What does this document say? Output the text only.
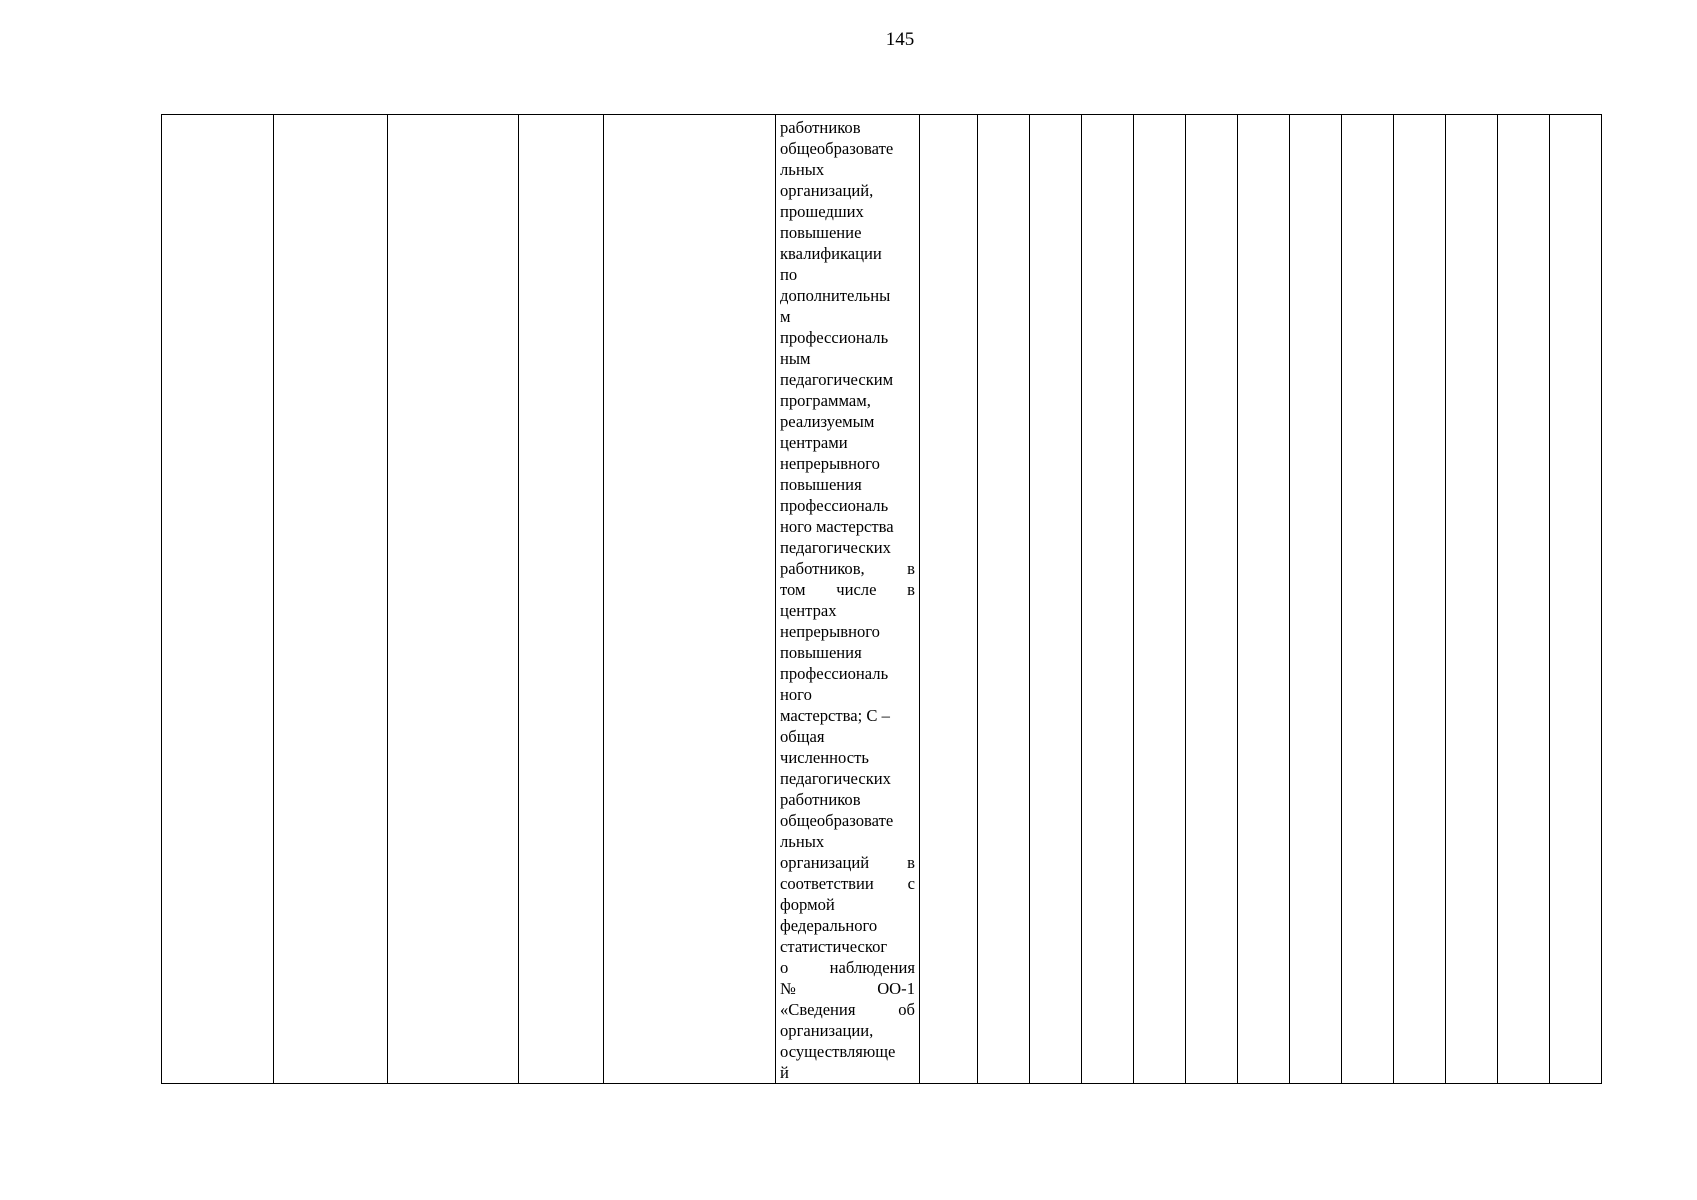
145

работников
общеобразовате
льных
организаций,
прошедших
повышение
квалификации
по
дополнительны
м
профессиональ
ным
педагогическим
программам,
реализуемым
центрами
непрерывного
повышения
профессиональ
ного мастерства
педагогических
работников, в
том числе в
центрах
непрерывного
повышения
профессиональ
ного
мастерства; С –
общая
численность
педагогических
работников
общеобразовате
льных
организаций в
соответствии с
формой
федерального
статистическог
о наблюдения
№ ОО-1
«Сведения об
организации,
осуществляюще
й
